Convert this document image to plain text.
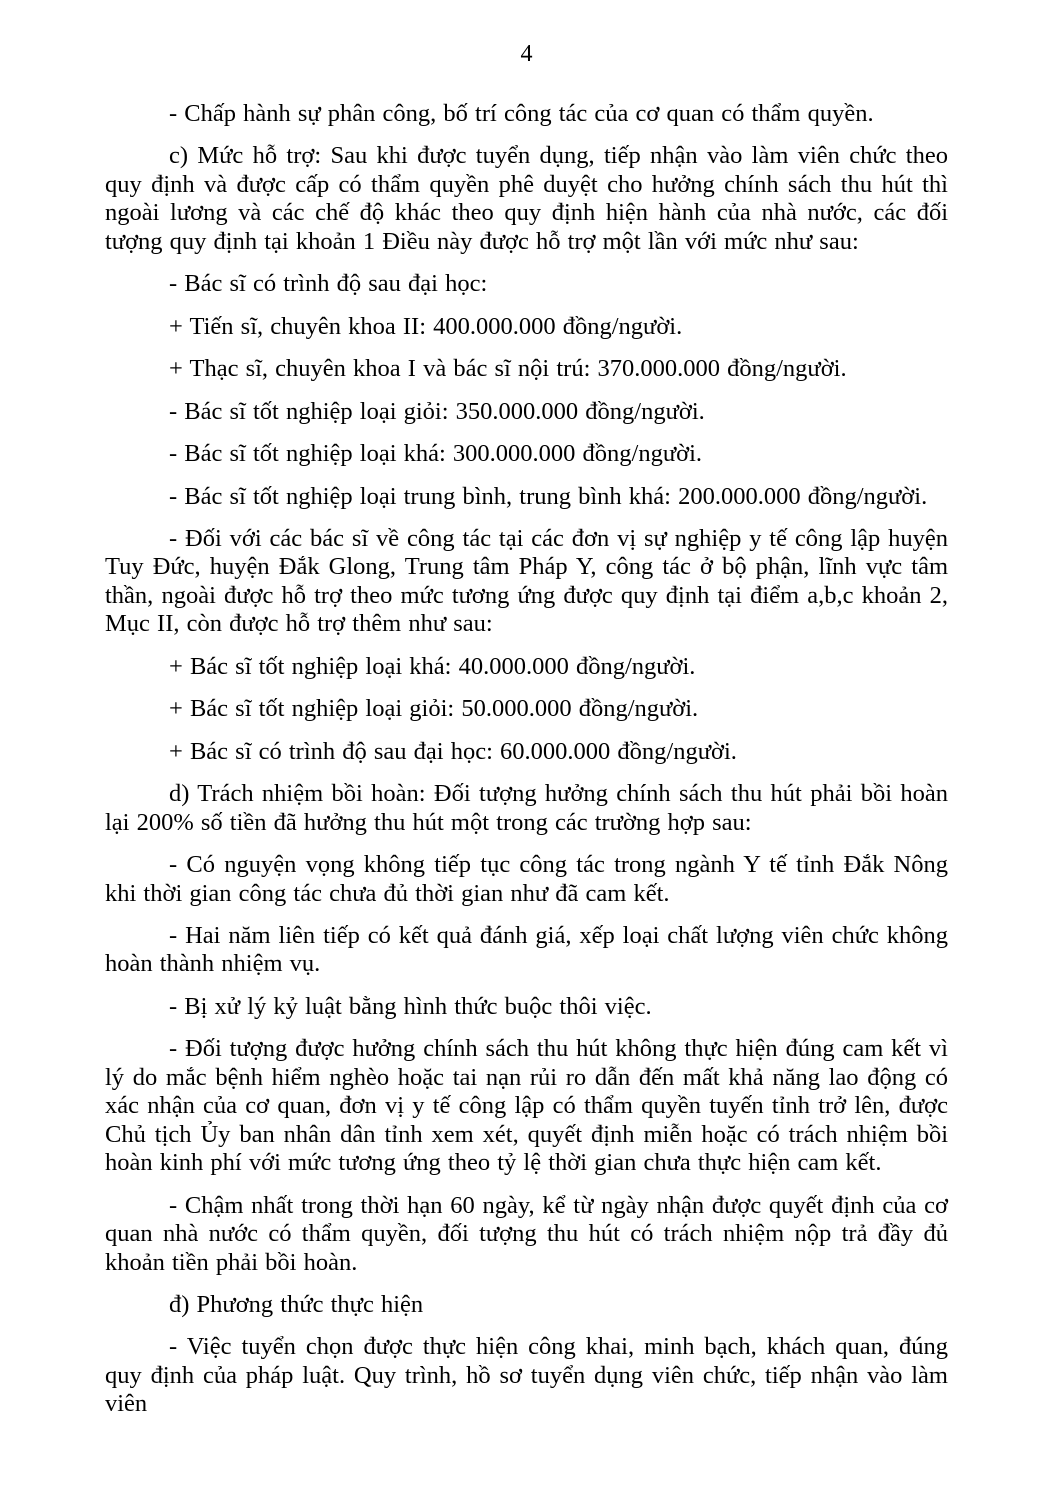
4

- Chấp hành sự phân công, bố trí công tác của cơ quan có thẩm quyền.

c) Mức hỗ trợ: Sau khi được tuyển dụng, tiếp nhận vào làm viên chức theo quy định và được cấp có thẩm quyền phê duyệt cho hưởng chính sách thu hút thì ngoài lương và các chế độ khác theo quy định hiện hành của nhà nước, các đối tượng quy định tại khoản 1 Điều này được hỗ trợ một lần với mức như sau:

- Bác sĩ có trình độ sau đại học:

+ Tiến sĩ, chuyên khoa II: 400.000.000 đồng/người.

+ Thạc sĩ, chuyên khoa I và bác sĩ nội trú: 370.000.000 đồng/người.

- Bác sĩ tốt nghiệp loại giỏi: 350.000.000 đồng/người.

- Bác sĩ tốt nghiệp loại khá: 300.000.000 đồng/người.

- Bác sĩ tốt nghiệp loại trung bình, trung bình khá: 200.000.000 đồng/người.

- Đối với các bác sĩ về công tác tại các đơn vị sự nghiệp y tế công lập huyện Tuy Đức, huyện Đắk Glong, Trung tâm Pháp Y, công tác ở bộ phận, lĩnh vực tâm thần, ngoài được hỗ trợ theo mức tương ứng được quy định tại điểm a,b,c khoản 2, Mục II, còn được hỗ trợ thêm như sau:

+ Bác sĩ tốt nghiệp loại khá: 40.000.000 đồng/người.

+ Bác sĩ tốt nghiệp loại giỏi: 50.000.000 đồng/người.

+ Bác sĩ có trình độ sau đại học: 60.000.000 đồng/người.

d) Trách nhiệm bồi hoàn: Đối tượng hưởng chính sách thu hút phải bồi hoàn lại 200% số tiền đã hưởng thu hút một trong các trường hợp sau:

- Có nguyện vọng không tiếp tục công tác trong ngành Y tế tỉnh Đắk Nông khi thời gian công tác chưa đủ thời gian như đã cam kết.

- Hai năm liên tiếp có kết quả đánh giá, xếp loại chất lượng viên chức không hoàn thành nhiệm vụ.

- Bị xử lý kỷ luật bằng hình thức buộc thôi việc.

- Đối tượng được hưởng chính sách thu hút không thực hiện đúng cam kết vì lý do mắc bệnh hiểm nghèo hoặc tai nạn rủi ro dẫn đến mất khả năng lao động có xác nhận của cơ quan, đơn vị y tế công lập có thẩm quyền tuyến tỉnh trở lên, được Chủ tịch Ủy ban nhân dân tỉnh xem xét, quyết định miễn hoặc có trách nhiệm bồi hoàn kinh phí với mức tương ứng theo tỷ lệ thời gian chưa thực hiện cam kết.

- Chậm nhất trong thời hạn 60 ngày, kể từ ngày nhận được quyết định của cơ quan nhà nước có thẩm quyền, đối tượng thu hút có trách nhiệm nộp trả đầy đủ khoản tiền phải bồi hoàn.

đ) Phương thức thực hiện

- Việc tuyển chọn được thực hiện công khai, minh bạch, khách quan, đúng quy định của pháp luật. Quy trình, hồ sơ tuyển dụng viên chức, tiếp nhận vào làm viên
